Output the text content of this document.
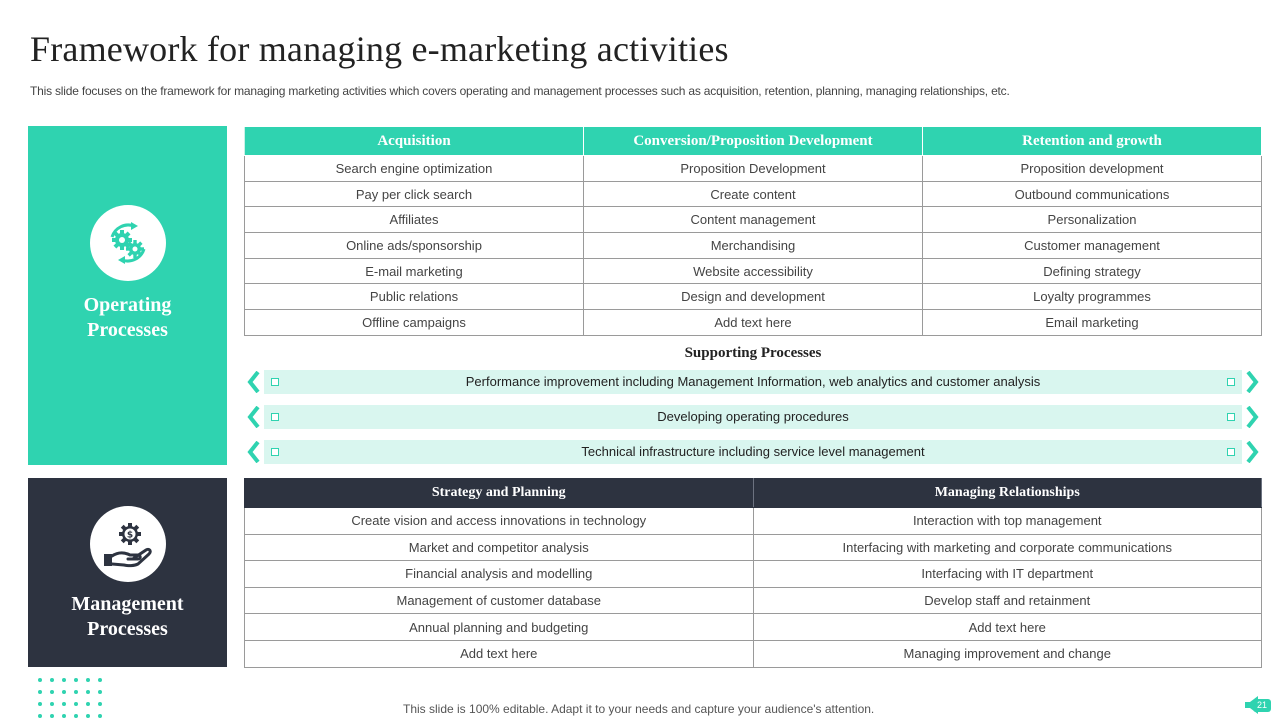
Framework for managing e-marketing activities
This slide focuses on the framework for managing marketing activities which covers operating and management processes such as acquisition, retention, planning, managing relationships, etc.
Operating
Processes
Acquisition	Conversion/Proposition Development	Retention and growth
Search engine optimization	Proposition Development	Proposition development
Pay per click search	Create content	Outbound communications
Affiliates	Content management	Personalization
Online ads/sponsorship	Merchandising	Customer management
E-mail marketing	Website accessibility	Defining strategy
Public relations	Design and development	Loyalty programmes
Offline campaigns	Add text here	Email marketing
Supporting Processes
Performance improvement including Management Information, web analytics and customer analysis
Developing operating procedures
Technical infrastructure including service level management
$
Management
Processes
Strategy and Planning	Managing Relationships
Create vision and access innovations in technology	Interaction with top management
Market and competitor analysis	Interfacing with marketing and corporate communications
Financial analysis and modelling	Interfacing with IT department
Management of customer database	Develop staff and retainment
Annual planning and budgeting	Add text here
Add text here	Managing improvement and change
This slide is 100% editable. Adapt it to your needs and capture your audience's attention.	21
